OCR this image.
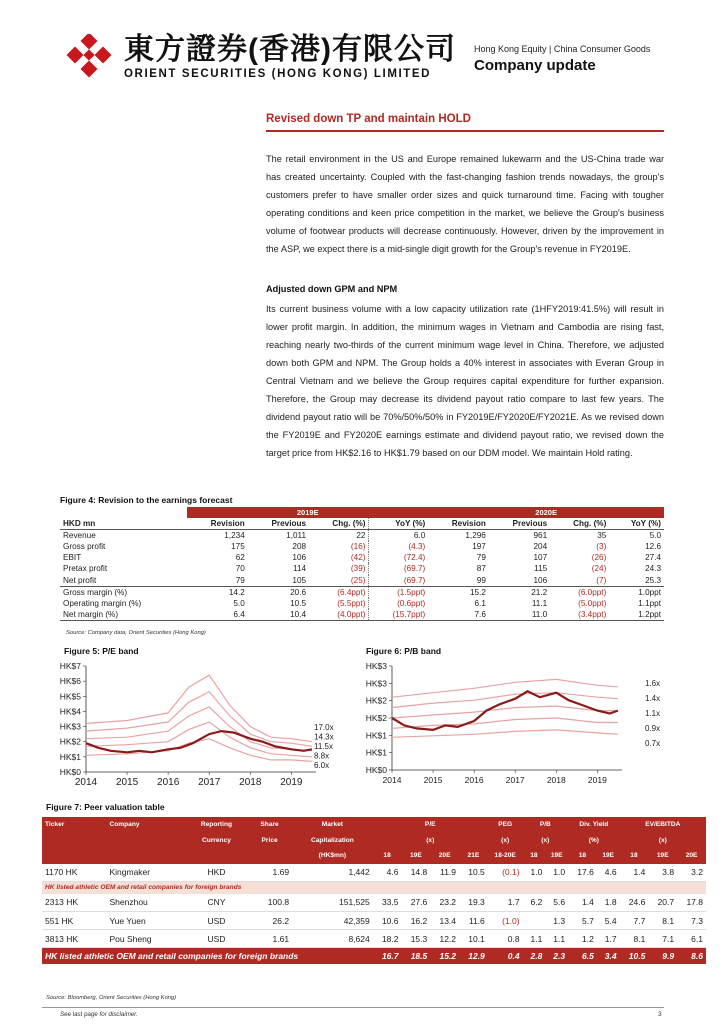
東方證券(香港)有限公司
ORIENT SECURITIES (HONG KONG) LIMITED
Hong Kong Equity | China Consumer Goods
Company update
Revised down TP and maintain HOLD
The retail environment in the US and Europe remained lukewarm and the US-China trade war has created uncertainty. Coupled with the fast-changing fashion trends nowadays, the group's customers prefer to have smaller order sizes and quick turnaround time. Facing with tougher operating conditions and keen price competition in the market, we believe the Group's business volume of footwear products will decrease continuously. However, driven by the improvement in the ASP, we expect there is a mid-single digit growth for the Group's revenue in FY2019E.
Adjusted down GPM and NPM
Its current business volume with a low capacity utilization rate (1HFY2019:41.5%) will result in lower profit margin. In addition, the minimum wages in Vietnam and Cambodia are rising fast, reaching nearly two-thirds of the current minimum wage level in China. Therefore, we adjusted down both GPM and NPM. The Group holds a 40% interest in associates with Everan Group in Central Vietnam and we believe the Group requires capital expenditure for further expansion. Therefore, the Group may decrease its dividend payout ratio compare to last few years. The dividend payout ratio will be 70%/50%/50% in FY2019E/FY2020E/FY2021E. As we revised down the FY2019E and FY2020E earnings estimate and dividend payout ratio, we revised down the target price from HK$2.16 to HK$1.79 based on our DDM model. We maintain Hold rating.
Figure 4: Revision to the earnings forecast
	2019E				2020E			
HKD mn	Revision	Previous	Chg. (%)	YoY (%)	Revision	Previous	Chg. (%)	YoY (%)
Revenue	1,234	1,011	22	6.0	1,296	961	35	5.0
Gross profit	175	208	(16)	(4.3)	197	204	(3)	12.6
EBIT	62	106	(42)	(72.4)	79	107	(26)	27.4
Pretax profit	70	114	(39)	(69.7)	87	115	(24)	24.3
Net profit	79	105	(25)	(69.7)	99	106	(7)	25.3
Gross margin (%)	14.2	20.6	(6.4ppt)	(1.5ppt)	15.2	21.2	(6.0ppt)	1.0ppt
Operating margin (%)	5.0	10.5	(5.5ppt)	(0.6ppt)	6.1	11.1	(5.0ppt)	1.1ppt
Net margin (%)	6.4	10.4	(4.0ppt)	(15.7ppt)	7.6	11.0	(3.4ppt)	1.2ppt
Source: Company data, Orient Securities (Hong Kong)
Figure 5: P/E band
HK$0
HK$1
HK$2
HK$3
HK$4
HK$5
HK$6
HK$7
2014 2015 2016 2017 2018 2019
17.0x
14.3x
11.5x
8.8x
6.0x
Figure 6: P/B band
HK$0
HK$1
HK$1
HK$2
HK$2
HK$3
HK$3
2014	2015	2016	2017	2018	2019
1.6x
1.4x
1.1x
0.9x
0.7x
Figure 7: Peer valuation table
Ticker	Company	Reporting	Share	Market	P/E				PEG	P/B		Div. Yield		EV/EBITDA		
		Currency	Price	Capitalization	(x)				(x)	(x)		(%)		(x)		
				(HK$mn)	18	19E	20E	21E	18-20E	18	19E	18	19E	18	19E	20E
1170 HK	Kingmaker	HKD	1.69	1,442	4.6	14.8	11.9	10.5	(0.1)	1.0	1.0	17.6	4.6	1.4	3.8	3.2
HK listed athletic OEM and retail companies for foreign brands																
2313 HK	Shenzhou	CNY	100.8	151,525	33.5	27.6	23.2	19.3	1.7	6.2	5.6	1.4	1.8	24.6	20.7	17.8
551 HK	Yue Yuen	USD	26.2	42,359	10.6	16.2	13.4	11.6	(1.0)		1.3	5.7	5.4	7.7	8.1	7.3
3813 HK	Pou Sheng	USD	1.61	8,624	18.2	15.3	12.2	10.1	0.8	1.1	1.1	1.2	1.7	8.1	7.1	6.1
HK listed athletic OEM and retail companies for foreign brands					16.7	18.5	15.2	12.9	0.4	2.8	2.3	6.5	3.4	10.5	9.9	8.6
Source: Bloomberg, Orient Securities (Hong Kong)
See last page for disclaimer.	3
